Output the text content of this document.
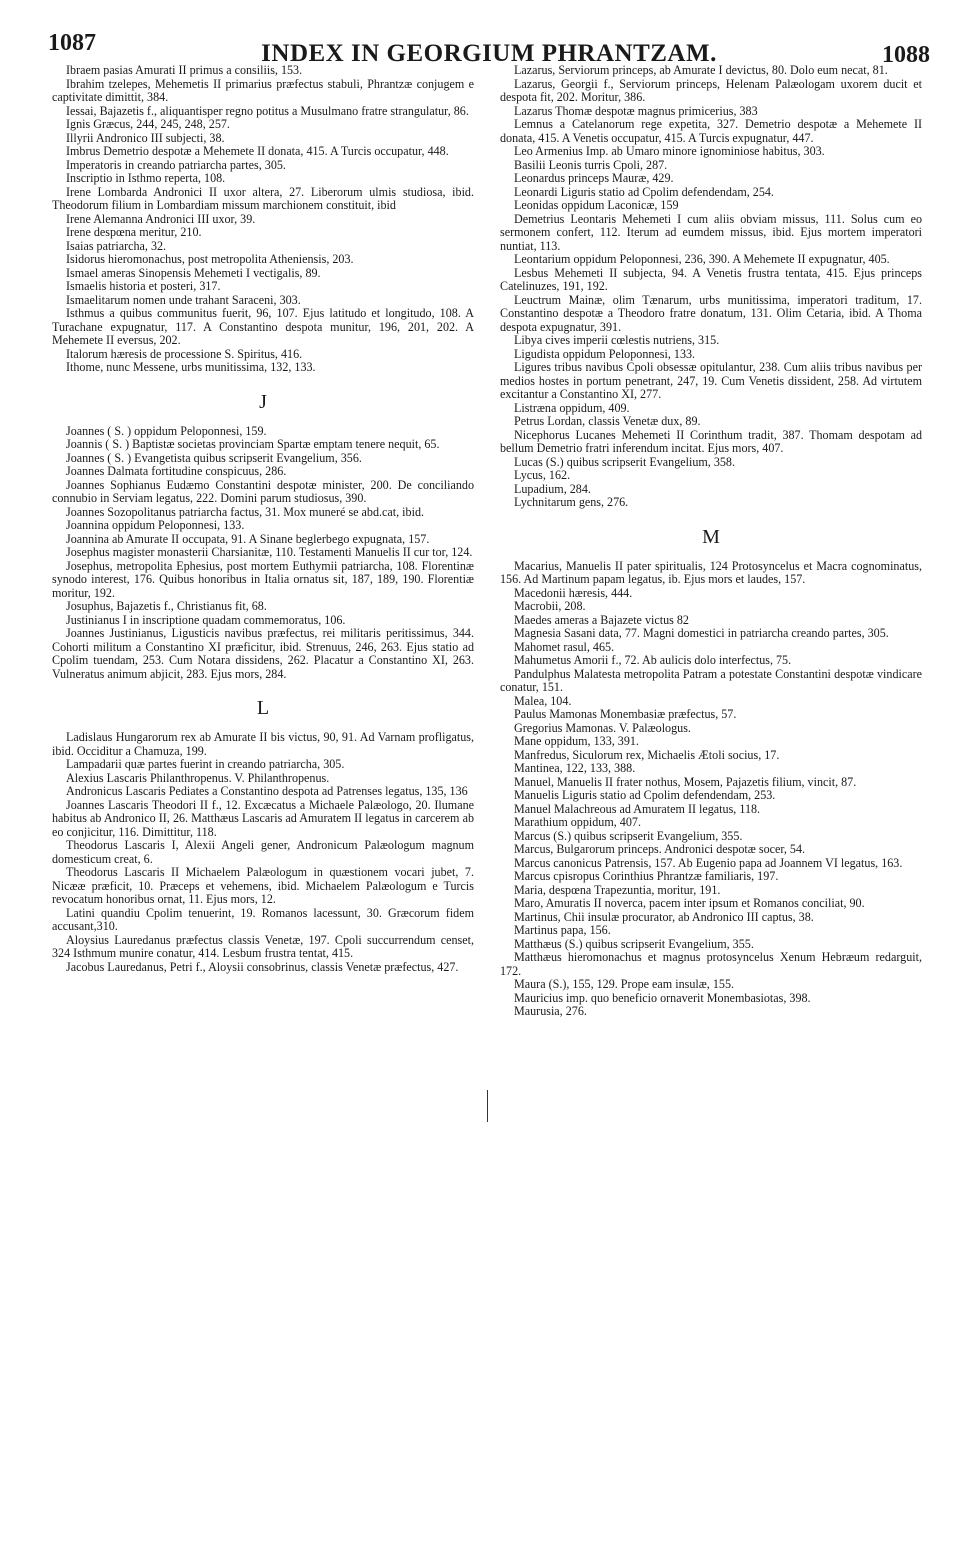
1087	INDEX IN GEORGIUM PHRANTZAM.	1088

Ibraem pasias Amurati II primus a consiliis, 153.

Ibrahim tzelepes, Mehemetis II primarius præfectus stabuli, Phrantzæ conjugem e captivitate dimittit, 384.

Iessai, Bajazetis f., aliquantisper regno potitus a Musulmano fratre strangulatur, 86.

Ignis Græcus, 244, 245, 248, 257.

Illyrii Andronico III subjecti, 38.

Imbrus Demetrio despotæ a Mehemete II donata, 415. A Turcis occupatur, 448.

Imperatoris in creando patriarcha partes, 305.

Inscriptio in Isthmo reperta, 108.

Irene Lombarda Andronici II uxor altera, 27. Liberorum ulmis studiosa, ibid. Theodorum filium in Lombardiam missum marchionem constituit, ibid

Irene Alemanna Andronici III uxor, 39.

Irene despœna meritur, 210.

Isaias patriarcha, 32.

Isidorus hieromonachus, post metropolita Atheniensis, 203.

Ismael ameras Sinopensis Mehemeti I vectigalis, 89.

Ismaelis historia et posteri, 317.

Ismaelitarum nomen unde trahant Saraceni, 303.

Isthmus a quibus communitus fuerit, 96, 107. Ejus latitudo et longitudo, 108. A Turachane expugnatur, 117. A Constantino despota munitur, 196, 201, 202. A Mehemete II eversus, 202.

Italorum hæresis de processione S. Spiritus, 416.

Ithome, nunc Messene, urbs munitissima, 132, 133.

J

Joannes ( S. ) oppidum Peloponnesi, 159.

Joannis ( S. ) Baptistæ societas provinciam Spartæ emptam tenere nequit, 65.

Joannes ( S. ) Evangetista quibus scripserit Evangelium, 356.

Joannes Dalmata fortitudine conspicuus, 286.

Joannes Sophianus Eudæmo Constantini despotæ minister, 200. De conciliando connubio in Serviam legatus, 222. Domini parum studiosus, 390.

Joannes Sozopolitanus patriarcha factus, 31. Mox muneré se abd.cat, ibid.

Joannina oppidum Peloponnesi, 133.

Joannina ab Amurate II occupata, 91. A Sinane beglerbego expugnata, 157.

Josephus magister monasterii Charsianitæ, 110. Testamenti Manuelis II cur tor, 124.

Josephus, metropolita Ephesius, post mortem Euthymii patriarcha, 108. Florentinæ synodo interest, 176. Quibus honoribus in Italia ornatus sit, 187, 189, 190. Florentiæ moritur, 192.

Josuphus, Bajazetis f., Christianus fit, 68.

Justinianus I in inscriptione quadam commemoratus, 106.

Joannes Justinianus, Ligusticis navibus præfectus, rei militaris peritissimus, 344. Cohorti militum a Constantino XI præficitur, ibid. Strenuus, 246, 263. Ejus statio ad Cpolim tuendam, 253. Cum Notara dissidens, 262. Placatur a Constantino XI, 263. Vulneratus animum abjicit, 283. Ejus mors, 284.

L

Ladislaus Hungarorum rex ab Amurate II bis victus, 90, 91. Ad Varnam profligatus, ibid. Occiditur a Chamuza, 199.

Lampadarii quæ partes fuerint in creando patriarcha, 305.

Alexius Lascaris Philanthropenus. V. Philanthropenus.

Andronicus Lascaris Pediates a Constantino despota ad Patrenses legatus, 135, 136

Joannes Lascaris Theodori II f., 12. Excæcatus a Michaele Palæologo, 20. Ilumane habitus ab Andronico II, 26. Matthæus Lascaris ad Amuratem II legatus in carcerem ab eo conjicitur, 116. Dimittitur, 118.

Theodorus Lascaris I, Alexii Angeli gener, Andronicum Palæologum magnum domesticum creat, 6.

Theodorus Lascaris II Michaelem Palæologum in quæstionem vocari jubet, 7. Nicææ præficit, 10. Præceps et vehemens, ibid. Michaelem Palæologum e Turcis revocatum honoribus ornat, 11. Ejus mors, 12.

Latini quandiu Cpolim tenuerint, 19. Romanos lacessunt, 30. Græcorum fidem accusant,310.

Aloysius Lauredanus præfectus classis Venetæ, 197. Cpoli succurrendum censet, 324 Isthmum munire conatur, 414. Lesbum frustra tentat, 415.

Jacobus Lauredanus, Petri f., Aloysii consobrinus, classis Venetæ præfectus, 427.

Lazarus, Serviorum princeps, ab Amurate I devictus, 80. Dolo eum necat, 81.

Lazarus, Georgii f., Serviorum princeps, Helenam Palæologam uxorem ducit et despota fit, 202. Moritur, 386.

Lazarus Thomæ despotæ magnus primicerius, 383

Lemnus a Catelanorum rege expetita, 327. Demetrio despotæ a Mehemete II donata, 415. A Venetis occupatur, 415. A Turcis expugnatur, 447.

Leo Armenius Imp. ab Umaro minore ignominiose habitus, 303.

Basilii Leonis turris Cpoli, 287.

Leonardus princeps Mauræ, 429.

Leonardi Liguris statio ad Cpolim defendendam, 254.

Leonidas oppidum Laconicæ, 159

Demetrius Leontaris Mehemeti I cum aliis obviam missus, 111. Solus cum eo sermonem confert, 112. Iterum ad eumdem missus, ibid. Ejus mortem imperatori nuntiat, 113.

Leontarium oppidum Peloponnesi, 236, 390. A Mehemete II expugnatur, 405.

Lesbus Mehemeti II subjecta, 94. A Venetis frustra tentata, 415. Ejus princeps Catelinuzes, 191, 192.

Leuctrum Mainæ, olim Tænarum, urbs munitissima, imperatori traditum, 17. Constantino despotæ a Theodoro fratre donatum, 131. Olim Cetaria, ibid. A Thoma despota expugnatur, 391.

Libya cives imperii cœlestis nutriens, 315.

Ligudista oppidum Peloponnesi, 133.

Ligures tribus navibus Cpoli obsessæ opitulantur, 238. Cum aliis tribus navibus per medios hostes in portum penetrant, 247, 19. Cum Venetis dissident, 258. Ad virtutem excitantur a Constantino XI, 277.

Listræna oppidum, 409.

Petrus Lordan, classis Venetæ dux, 89.

Nicephorus Lucanes Mehemeti II Corinthum tradit, 387. Thomam despotam ad bellum Demetrio fratri inferendum incitat. Ejus mors, 407.

Lucas (S.) quibus scripserit Evangelium, 358.

Lycus, 162.

Lupadium, 284.

Lychnitarum gens, 276.

M

Macarius, Manuelis II pater spiritualis, 124 Protosyncelus et Macra cognominatus, 156. Ad Martinum papam legatus, ib. Ejus mors et laudes, 157.

Macedonii hæresis, 444.

Macrobii, 208.

Maedes ameras a Bajazete victus 82

Magnesia Sasani data, 77. Magni domestici in patriarcha creando partes, 305.

Mahomet rasul, 465.

Mahumetus Amorii f., 72. Ab aulicis dolo interfectus, 75.

Pandulphus Malatesta metropolita Patram a potestate Constantini despotæ vindicare conatur, 151.

Malea, 104.

Paulus Mamonas Monembasiæ præfectus, 57.

Gregorius Mamonas. V. Palæologus.

Mane oppidum, 133, 391.

Manfredus, Siculorum rex, Michaelis Ætoli socius, 17.

Mantinea, 122, 133, 388.

Manuel, Manuelis II frater nothus, Mosem, Pajazetis filium, vincit, 87.

Manuelis Liguris statio ad Cpolim defendendam, 253.

Manuel Malachreous ad Amuratem II legatus, 118.

Marathium oppidum, 407.

Marcus (S.) quibus scripserit Evangelium, 355.

Marcus, Bulgarorum princeps. Andronici despotæ socer, 54.

Marcus canonicus Patrensis, 157. Ab Eugenio papa ad Joannem VI legatus, 163.

Marcus cpisropus Corinthius Phrantzæ familiaris, 197.

Maria, despœna Trapezuntia, moritur, 191.

Maro, Amuratis II noverca, pacem inter ipsum et Romanos conciliat, 90.

Martinus, Chii insulæ procurator, ab Andronico III captus, 38.

Martinus papa, 156.

Matthæus (S.) quibus scripserit Evangelium, 355.

Matthæus hieromonachus et magnus protosyncelus Xenum Hebræum redarguit, 172.

Maura (S.), 155, 129. Prope eam insulæ, 155.

Mauricius imp. quo beneficio ornaverit Monembasiotas, 398.

Maurusia, 276.
